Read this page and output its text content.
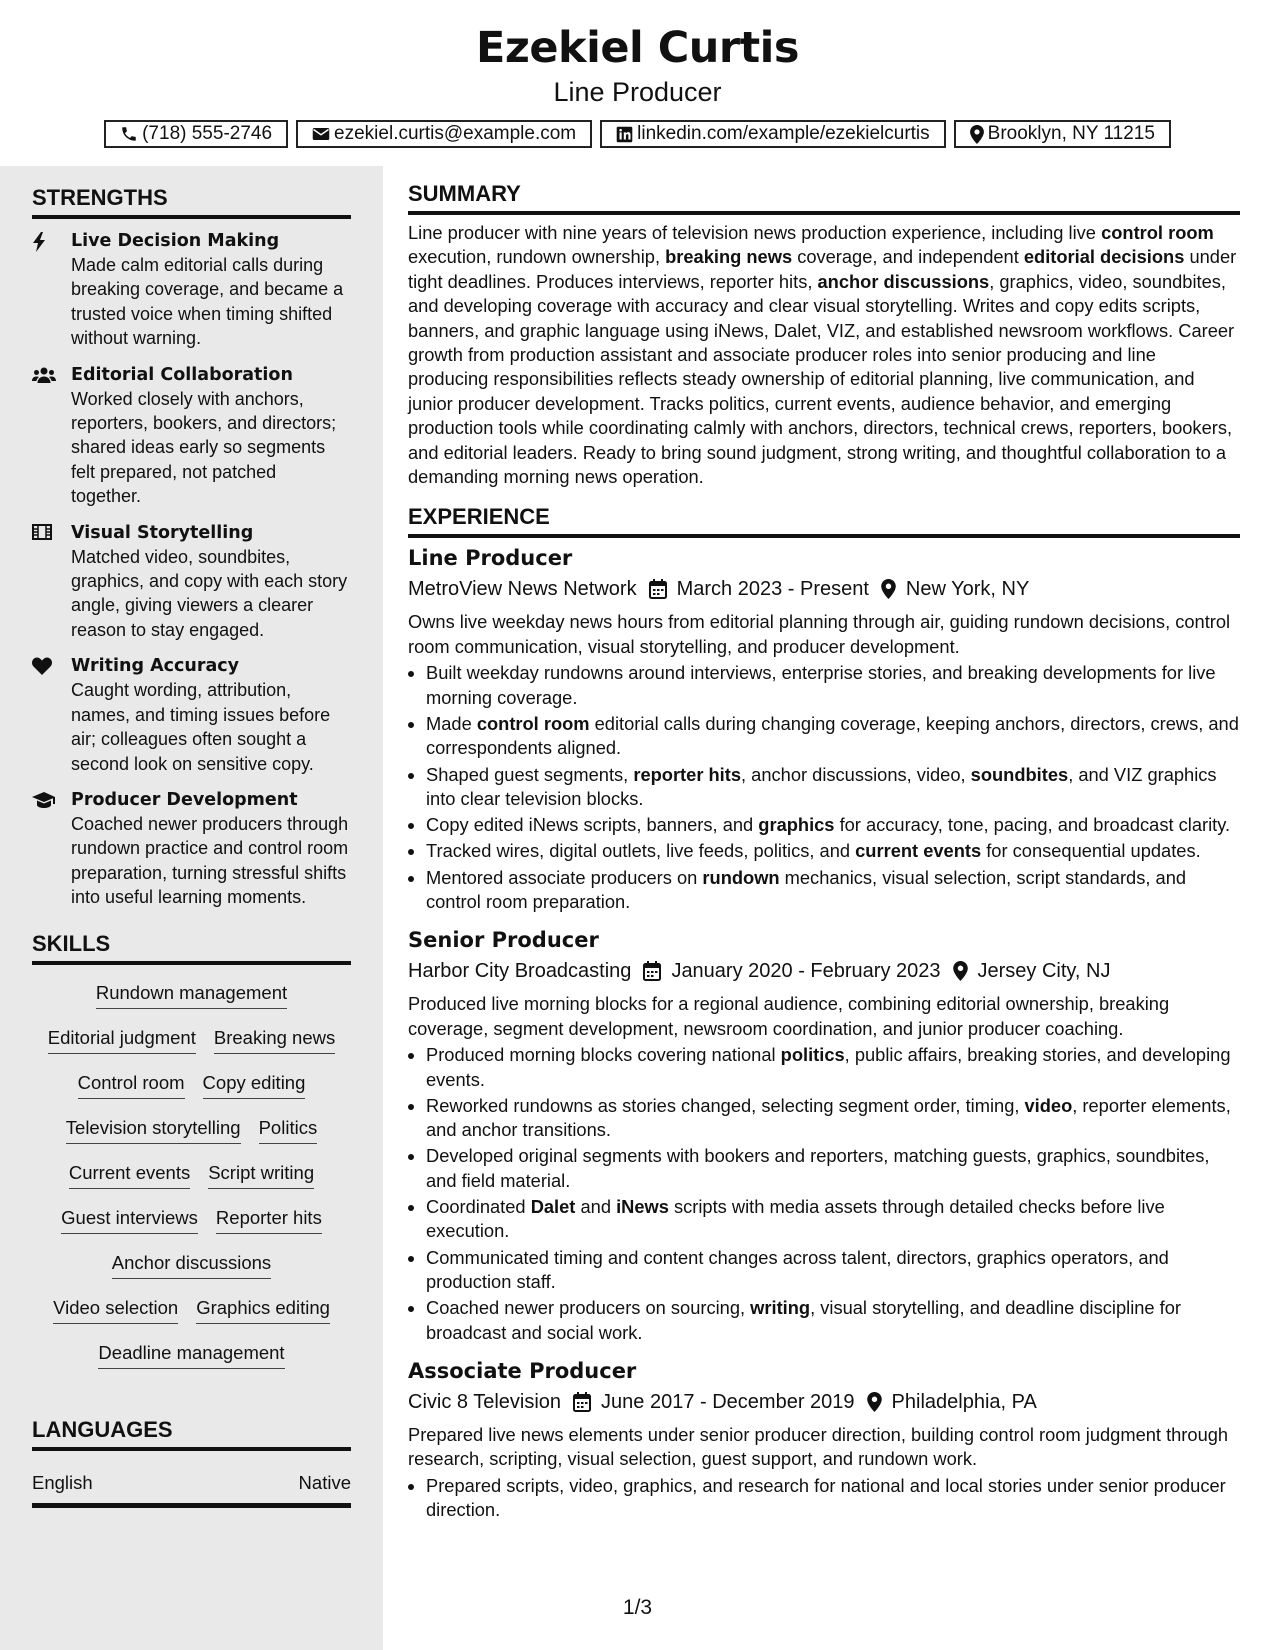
Ezekiel Curtis
Line Producer
(718) 555-2746	ezekiel.curtis@example.com	linkedin.com/example/ezekielcurtis	Brooklyn, NY 11215
STRENGTHS
Live Decision Making
Made calm editorial calls during breaking coverage, and became a trusted voice when timing shifted without warning.
Editorial Collaboration
Worked closely with anchors, reporters, bookers, and directors; shared ideas early so segments felt prepared, not patched together.
Visual Storytelling
Matched video, soundbites, graphics, and copy with each story angle, giving viewers a clearer reason to stay engaged.
Writing Accuracy
Caught wording, attribution, names, and timing issues before air; colleagues often sought a second look on sensitive copy.
Producer Development
Coached newer producers through rundown practice and control room preparation, turning stressful shifts into useful learning moments.
SKILLS
Rundown management
Editorial judgment Breaking news
Control room Copy editing
Television storytelling Politics
Current events Script writing
Guest interviews Reporter hits
Anchor discussions
Video selection Graphics editing
Deadline management
LANGUAGES
English	Native
SUMMARY

Line producer with nine years of television news production experience, including live control room execution, rundown ownership, breaking news coverage, and independent editorial decisions under tight deadlines. Produces interviews, reporter hits, anchor discussions, graphics, video, soundbites, and developing coverage with accuracy and clear visual storytelling. Writes and copy edits scripts, banners, and graphic language using iNews, Dalet, VIZ, and established newsroom workflows. Career growth from production assistant and associate producer roles into senior producing and line producing responsibilities reflects steady ownership of editorial planning, live communication, and junior producer development. Tracks politics, current events, audience behavior, and emerging production tools while coordinating calmly with anchors, directors, technical crews, reporters, bookers, and editorial leaders. Ready to bring sound judgment, strong writing, and thoughtful collaboration to a demanding morning news operation.

EXPERIENCE
Line Producer
MetroView News Network March 2023 - Present New York, NY
Owns live weekday news hours from editorial planning through air, guiding rundown decisions, control room communication, visual storytelling, and producer development.
• Built weekday rundowns around interviews, enterprise stories, and breaking developments for live morning coverage.
• Made control room editorial calls during changing coverage, keeping anchors, directors, crews, and correspondents aligned.
• Shaped guest segments, reporter hits, anchor discussions, video, soundbites, and VIZ graphics into clear television blocks.
• Copy edited iNews scripts, banners, and graphics for accuracy, tone, pacing, and broadcast clarity.
• Tracked wires, digital outlets, live feeds, politics, and current events for consequential updates.
• Mentored associate producers on rundown mechanics, visual selection, script standards, and control room preparation.
Senior Producer
Harbor City Broadcasting January 2020 - February 2023 Jersey City, NJ
Produced live morning blocks for a regional audience, combining editorial ownership, breaking coverage, segment development, newsroom coordination, and junior producer coaching.
• Produced morning blocks covering national politics, public affairs, breaking stories, and developing events.
• Reworked rundowns as stories changed, selecting segment order, timing, video, reporter elements, and anchor transitions.
• Developed original segments with bookers and reporters, matching guests, graphics, soundbites, and field material.
• Coordinated Dalet and iNews scripts with media assets through detailed checks before live execution.
• Communicated timing and content changes across talent, directors, graphics operators, and production staff.
• Coached newer producers on sourcing, writing, visual storytelling, and deadline discipline for broadcast and social work.
Associate Producer
Civic 8 Television June 2017 - December 2019 Philadelphia, PA
Prepared live news elements under senior producer direction, building control room judgment through research, scripting, visual selection, guest support, and rundown work.
• Prepared scripts, video, graphics, and research for national and local stories under senior producer direction.
1/3
